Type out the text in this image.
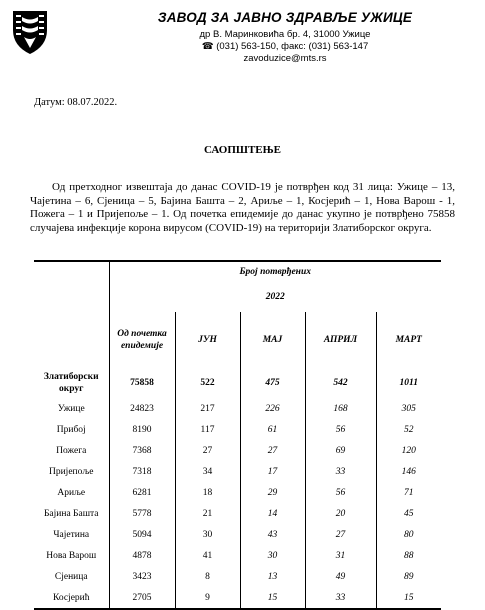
ЗАВОД ЗА ЈАВНО ЗДРАВЉЕ УЖИЦЕ
др В. Маринковића бр. 4, 31000 Ужице
☎ (031) 563-150, факс: (031) 563-147
zavoduzice@mts.rs
Датум: 08.07.2022.
САОПШТЕЊЕ
Од претходног извештаја до данас COVID-19 је потврђен код 31 лица: Ужице – 13, Чајетина – 6, Сјеница – 5, Бајина Башта – 2, Ариље – 1, Косјерић – 1, Нова Варош - 1, Пожега – 1 и Пријепоље – 1. Од почетка епидемије до данас укупно је потврђено 75858 случајева инфекције корона вирусом (COVID-19) на територији Златиборског округа.
	Број потврђених				
	2022				
	Од почетка епидемије	ЈУН	МАЈ	АПРИЛ	МАРТ
Златиборски округ	75858	522	475	542	1011
Ужице	24823	217	226	168	305
Прибој	8190	117	61	56	52
Пожега	7368	27	27	69	120
Пријепоље	7318	34	17	33	146
Ариље	6281	18	29	56	71
Бајина Башта	5778	21	14	20	45
Чајетина	5094	30	43	27	80
Нова Варош	4878	41	30	31	88
Сјеница	3423	8	13	49	89
Косјерић	2705	9	15	33	15
